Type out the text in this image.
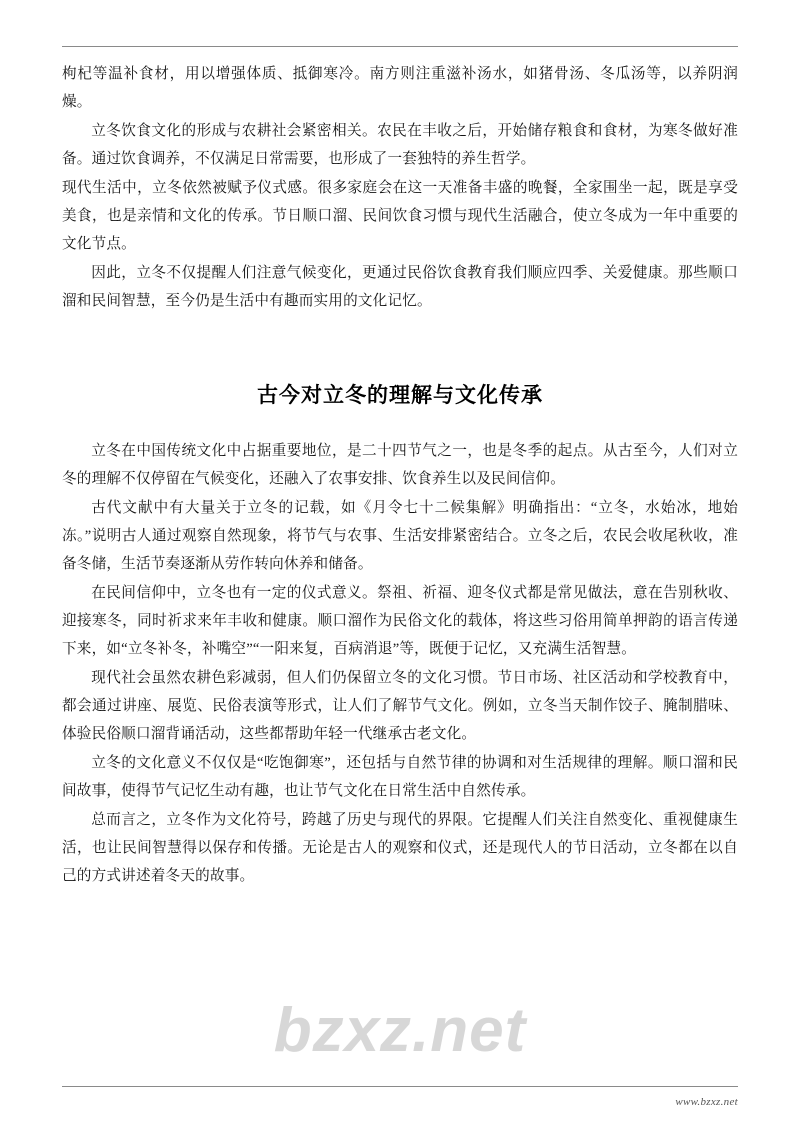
枸杞等温补食材，用以增强体质、抵御寒冷。南方则注重滋补汤水，如猪骨汤、冬瓜汤等，以养阴润燥。

立冬饮食文化的形成与农耕社会紧密相关。农民在丰收之后，开始储存粮食和食材，为寒冬做好准备。通过饮食调养，不仅满足日常需要，也形成了一套独特的养生哲学。

现代生活中，立冬依然被赋予仪式感。很多家庭会在这一天准备丰盛的晚餐，全家围坐一起，既是享受美食，也是亲情和文化的传承。节日顺口溜、民间饮食习惯与现代生活融合，使立冬成为一年中重要的文化节点。

因此，立冬不仅提醒人们注意气候变化，更通过民俗饮食教育我们顺应四季、关爱健康。那些顺口溜和民间智慧，至今仍是生活中有趣而实用的文化记忆。

古今对立冬的理解与文化传承

立冬在中国传统文化中占据重要地位，是二十四节气之一，也是冬季的起点。从古至今，人们对立冬的理解不仅停留在气候变化，还融入了农事安排、饮食养生以及民间信仰。

古代文献中有大量关于立冬的记载，如《月令七十二候集解》明确指出：“立冬，水始冰，地始冻。”说明古人通过观察自然现象，将节气与农事、生活安排紧密结合。立冬之后，农民会收尾秋收，准备冬储，生活节奏逐渐从劳作转向休养和储备。

在民间信仰中，立冬也有一定的仪式意义。祭祖、祈福、迎冬仪式都是常见做法，意在告别秋收、迎接寒冬，同时祈求来年丰收和健康。顺口溜作为民俗文化的载体，将这些习俗用简单押韵的语言传递下来，如“立冬补冬，补嘴空”“一阳来复，百病消退”等，既便于记忆，又充满生活智慧。

现代社会虽然农耕色彩减弱，但人们仍保留立冬的文化习惯。节日市场、社区活动和学校教育中，都会通过讲座、展览、民俗表演等形式，让人们了解节气文化。例如，立冬当天制作饺子、腌制腊味、体验民俗顺口溜背诵活动，这些都帮助年轻一代继承古老文化。

立冬的文化意义不仅仅是“吃饱御寒”，还包括与自然节律的协调和对生活规律的理解。顺口溜和民间故事，使得节气记忆生动有趣，也让节气文化在日常生活中自然传承。

总而言之，立冬作为文化符号，跨越了历史与现代的界限。它提醒人们关注自然变化、重视健康生活，也让民间智慧得以保存和传播。无论是古人的观察和仪式，还是现代人的节日活动，立冬都在以自己的方式讲述着冬天的故事。

bzxz.net
www.bzxz.net
